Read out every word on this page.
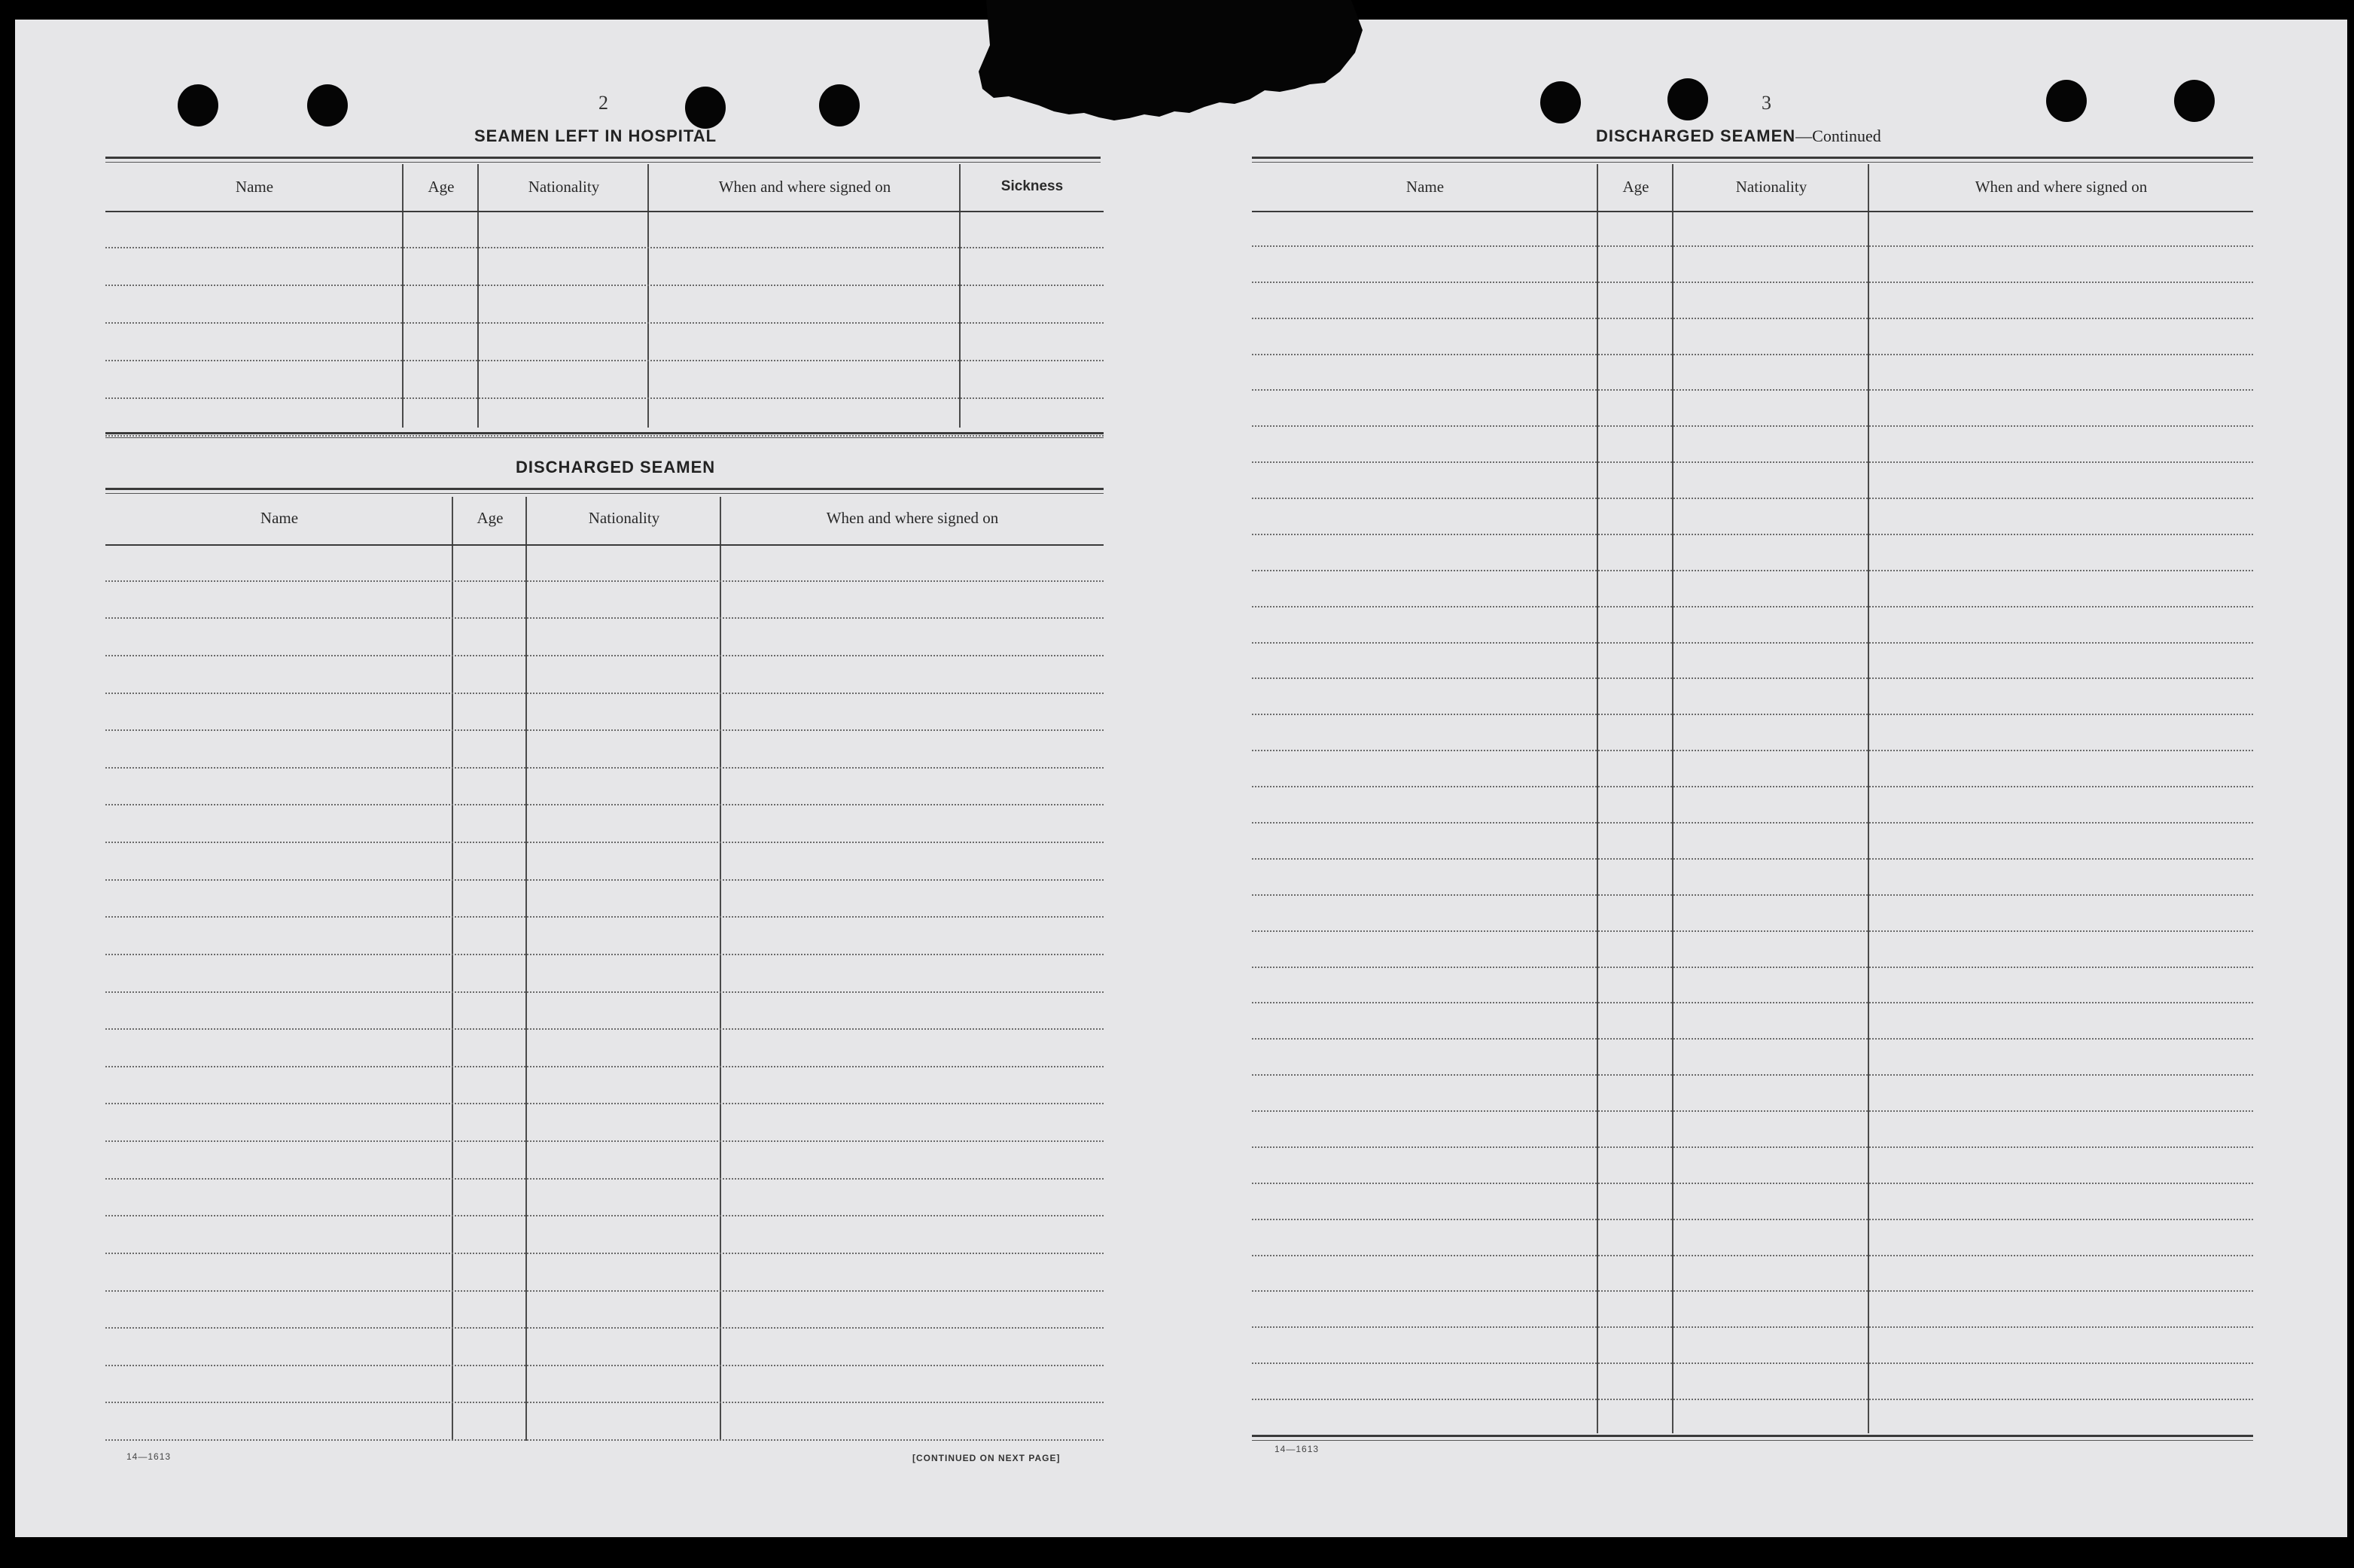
2
SEAMEN LEFT IN HOSPITAL
Name	Age	Nationality	When and where signed on	Sickness
DISCHARGED SEAMEN
Name	Age	Nationality	When and where signed on
14—1613	[CONTINUED ON NEXT PAGE]
3
DISCHARGED SEAMEN—Continued
Name	Age	Nationality	When and where signed on
14—1613
